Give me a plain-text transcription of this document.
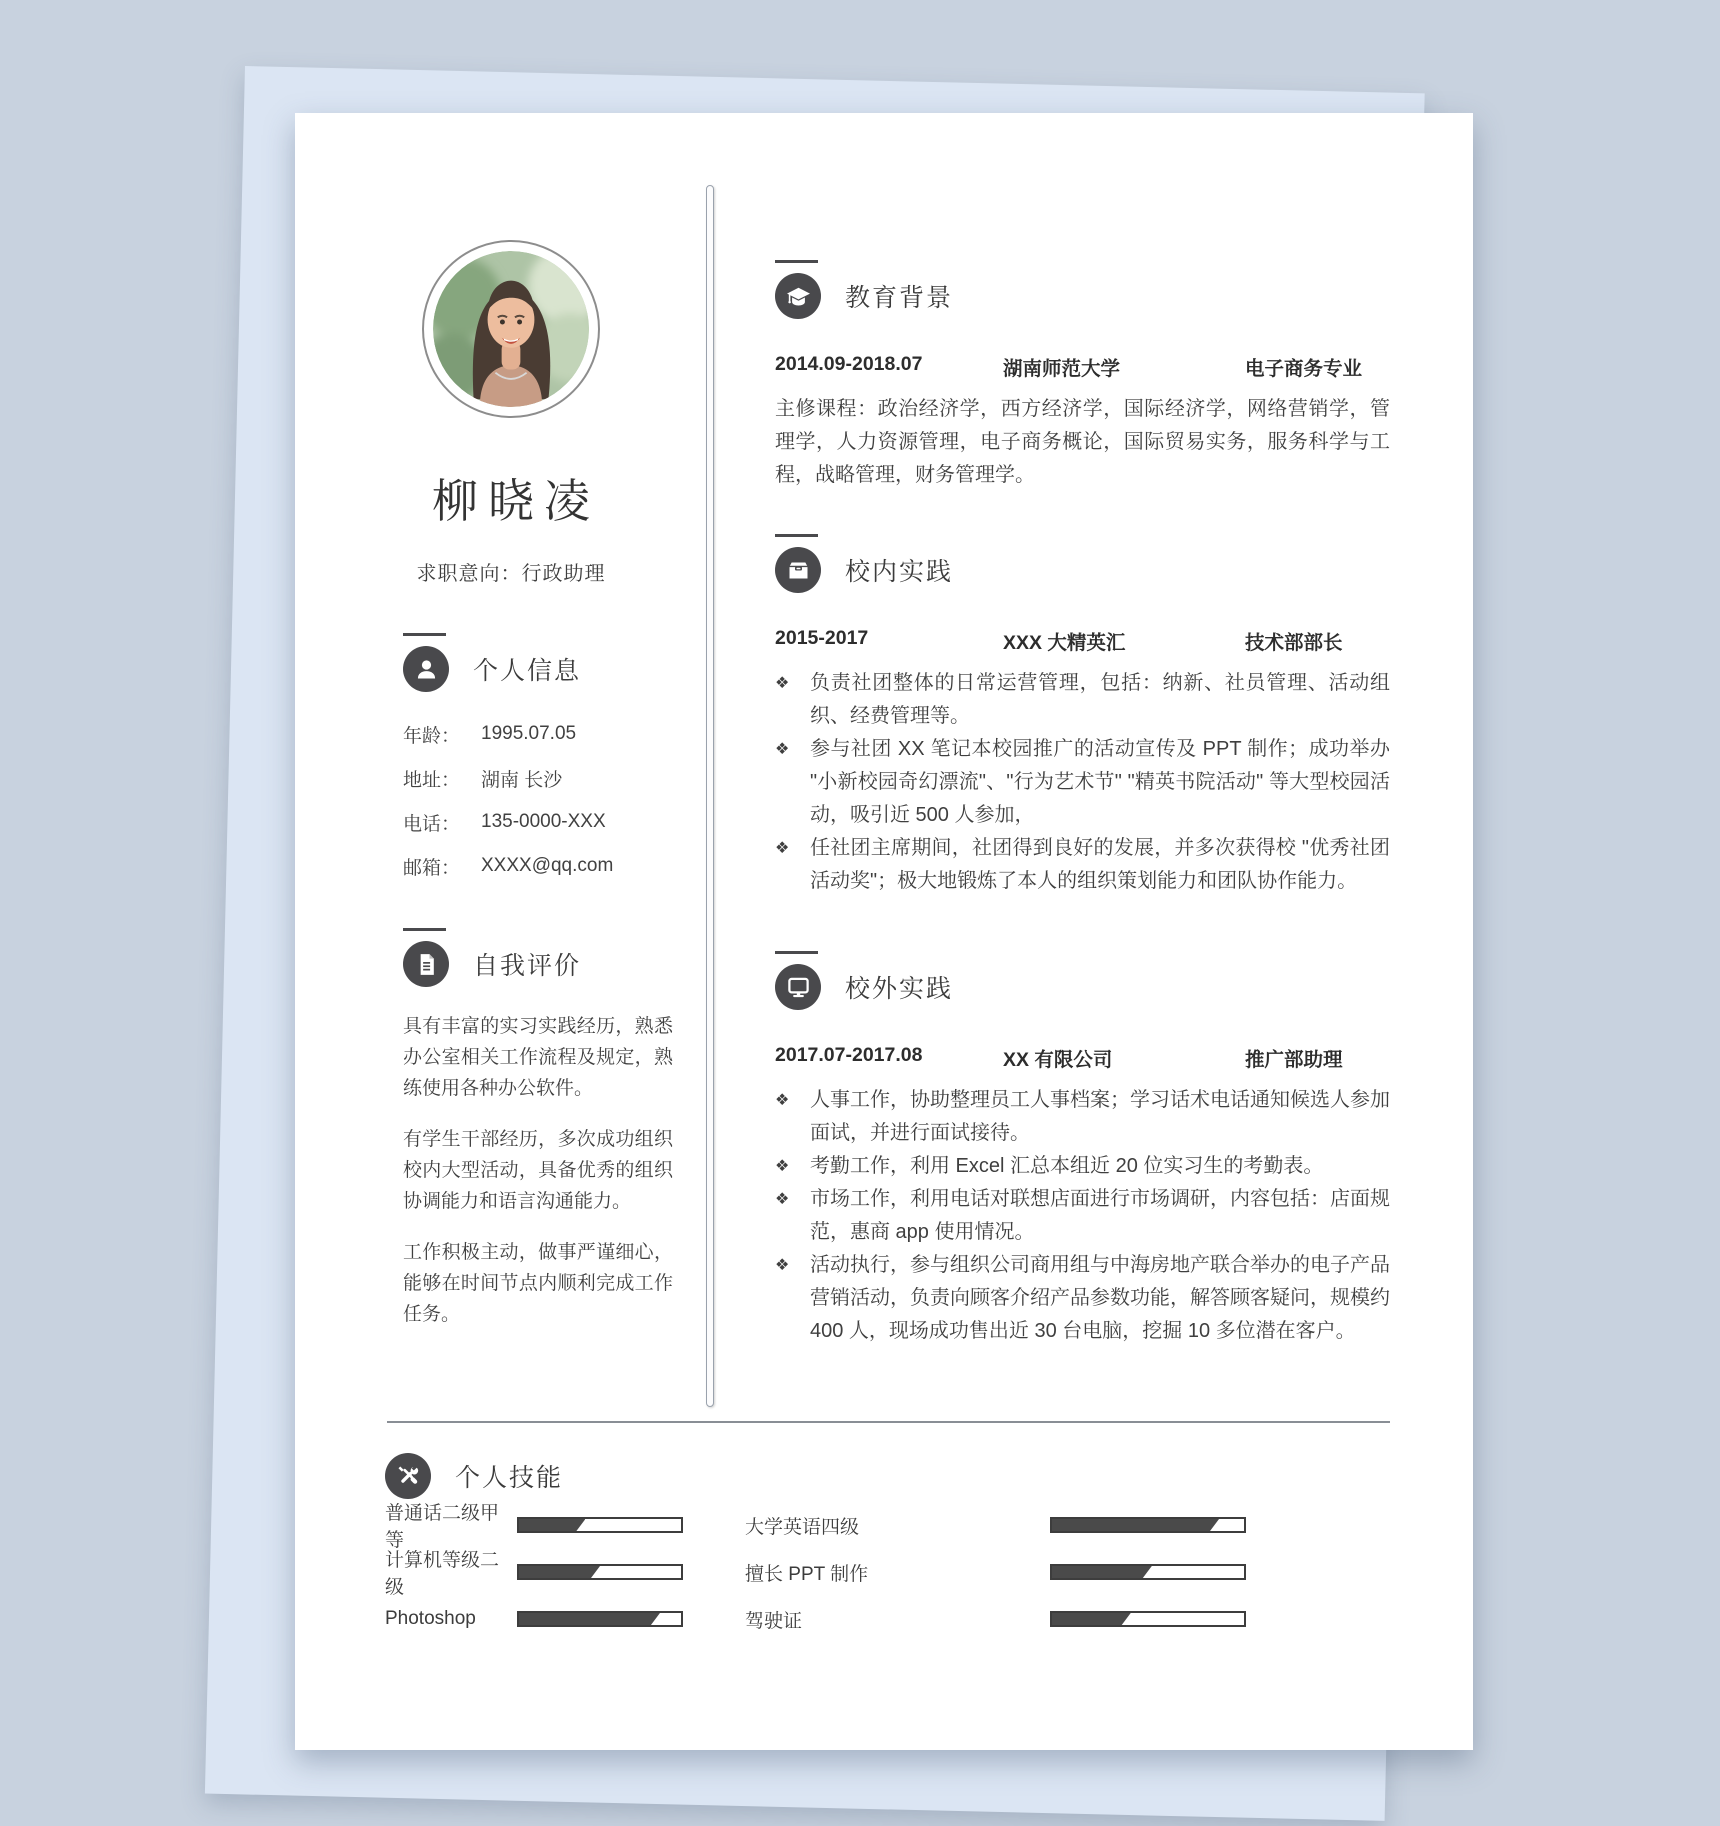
柳晓凌
求职意向：行政助理
个人信息
年龄：	1995.07.05
地址：	湖南 长沙
电话：	135-0000-XXX
邮箱：	XXXX@qq.com
自我评价

具有丰富的实习实践经历，熟悉办公室相关工作流程及规定，熟练使用各种办公软件。

有学生干部经历，多次成功组织校内大型活动，具备优秀的组织协调能力和语言沟通能力。

工作积极主动，做事严谨细心，能够在时间节点内顺利完成工作任务。

教育背景
2014.09-2018.07	湖南师范大学	电子商务专业
主修课程：政治经济学，西方经济学，国际经济学，网络营销学，管理学，人力资源管理，电子商务概论，国际贸易实务，服务科学与工程，战略管理，财务管理学。
校内实践
2015-2017	XXX 大精英汇	技术部部长
❖	负责社团整体的日常运营管理，包括：纳新、社员管理、活动组织、经费管理等。
❖	参与社团 XX 笔记本校园推广的活动宣传及 PPT 制作；成功举办 "小新校园奇幻漂流"、"行为艺术节" "精英书院活动" 等大型校园活动，吸引近 500 人参加，
❖	任社团主席期间，社团得到良好的发展，并多次获得校 "优秀社团活动奖"；极大地锻炼了本人的组织策划能力和团队协作能力。
校外实践
2017.07-2017.08	XX 有限公司	推广部助理
❖	人事工作，协助整理员工人事档案；学习话术电话通知候选人参加面试，并进行面试接待。
❖	考勤工作，利用 Excel 汇总本组近 20 位实习生的考勤表。
❖	市场工作，利用电话对联想店面进行市场调研，内容包括：店面规范，惠商 app 使用情况。
❖	活动执行，参与组织公司商用组与中海房地产联合举办的电子产品营销活动，负责向顾客介绍产品参数功能，解答顾客疑问，规模约 400 人，现场成功售出近 30 台电脑，挖掘 10 多位潜在客户。
个人技能
普通话二级甲等
计算机等级二级
Photoshop
大学英语四级
擅长 PPT 制作
驾驶证
